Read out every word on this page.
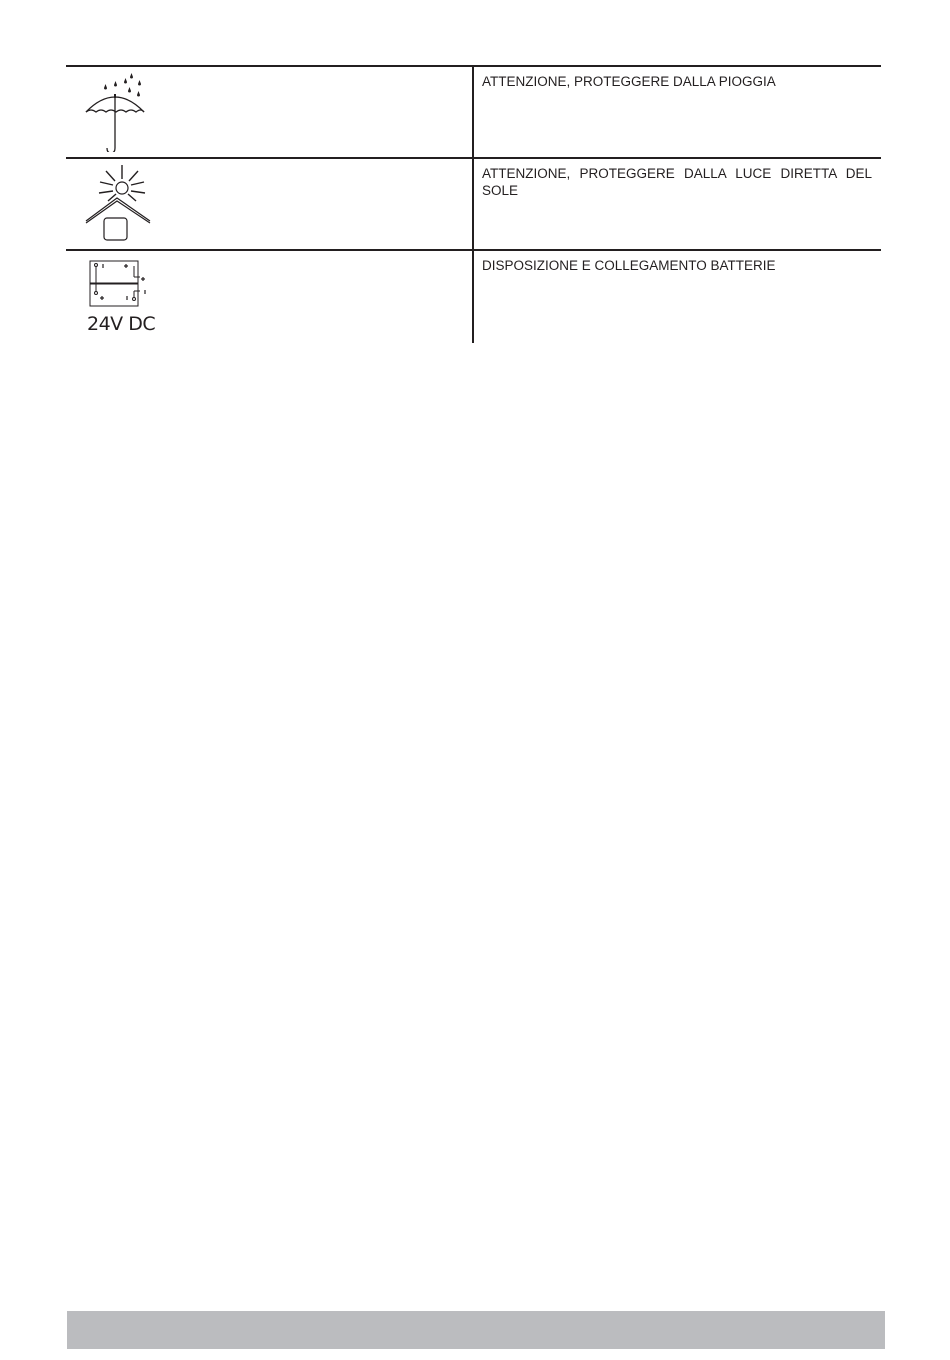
ATTENZIONE, PROTEGGERE DALLA PIOGGIA
ATTENZIONE, PROTEGGERE DALLA LUCE DIRETTA DEL SOLE
24V DC
DISPOSIZIONE E COLLEGAMENTO BATTERIE
